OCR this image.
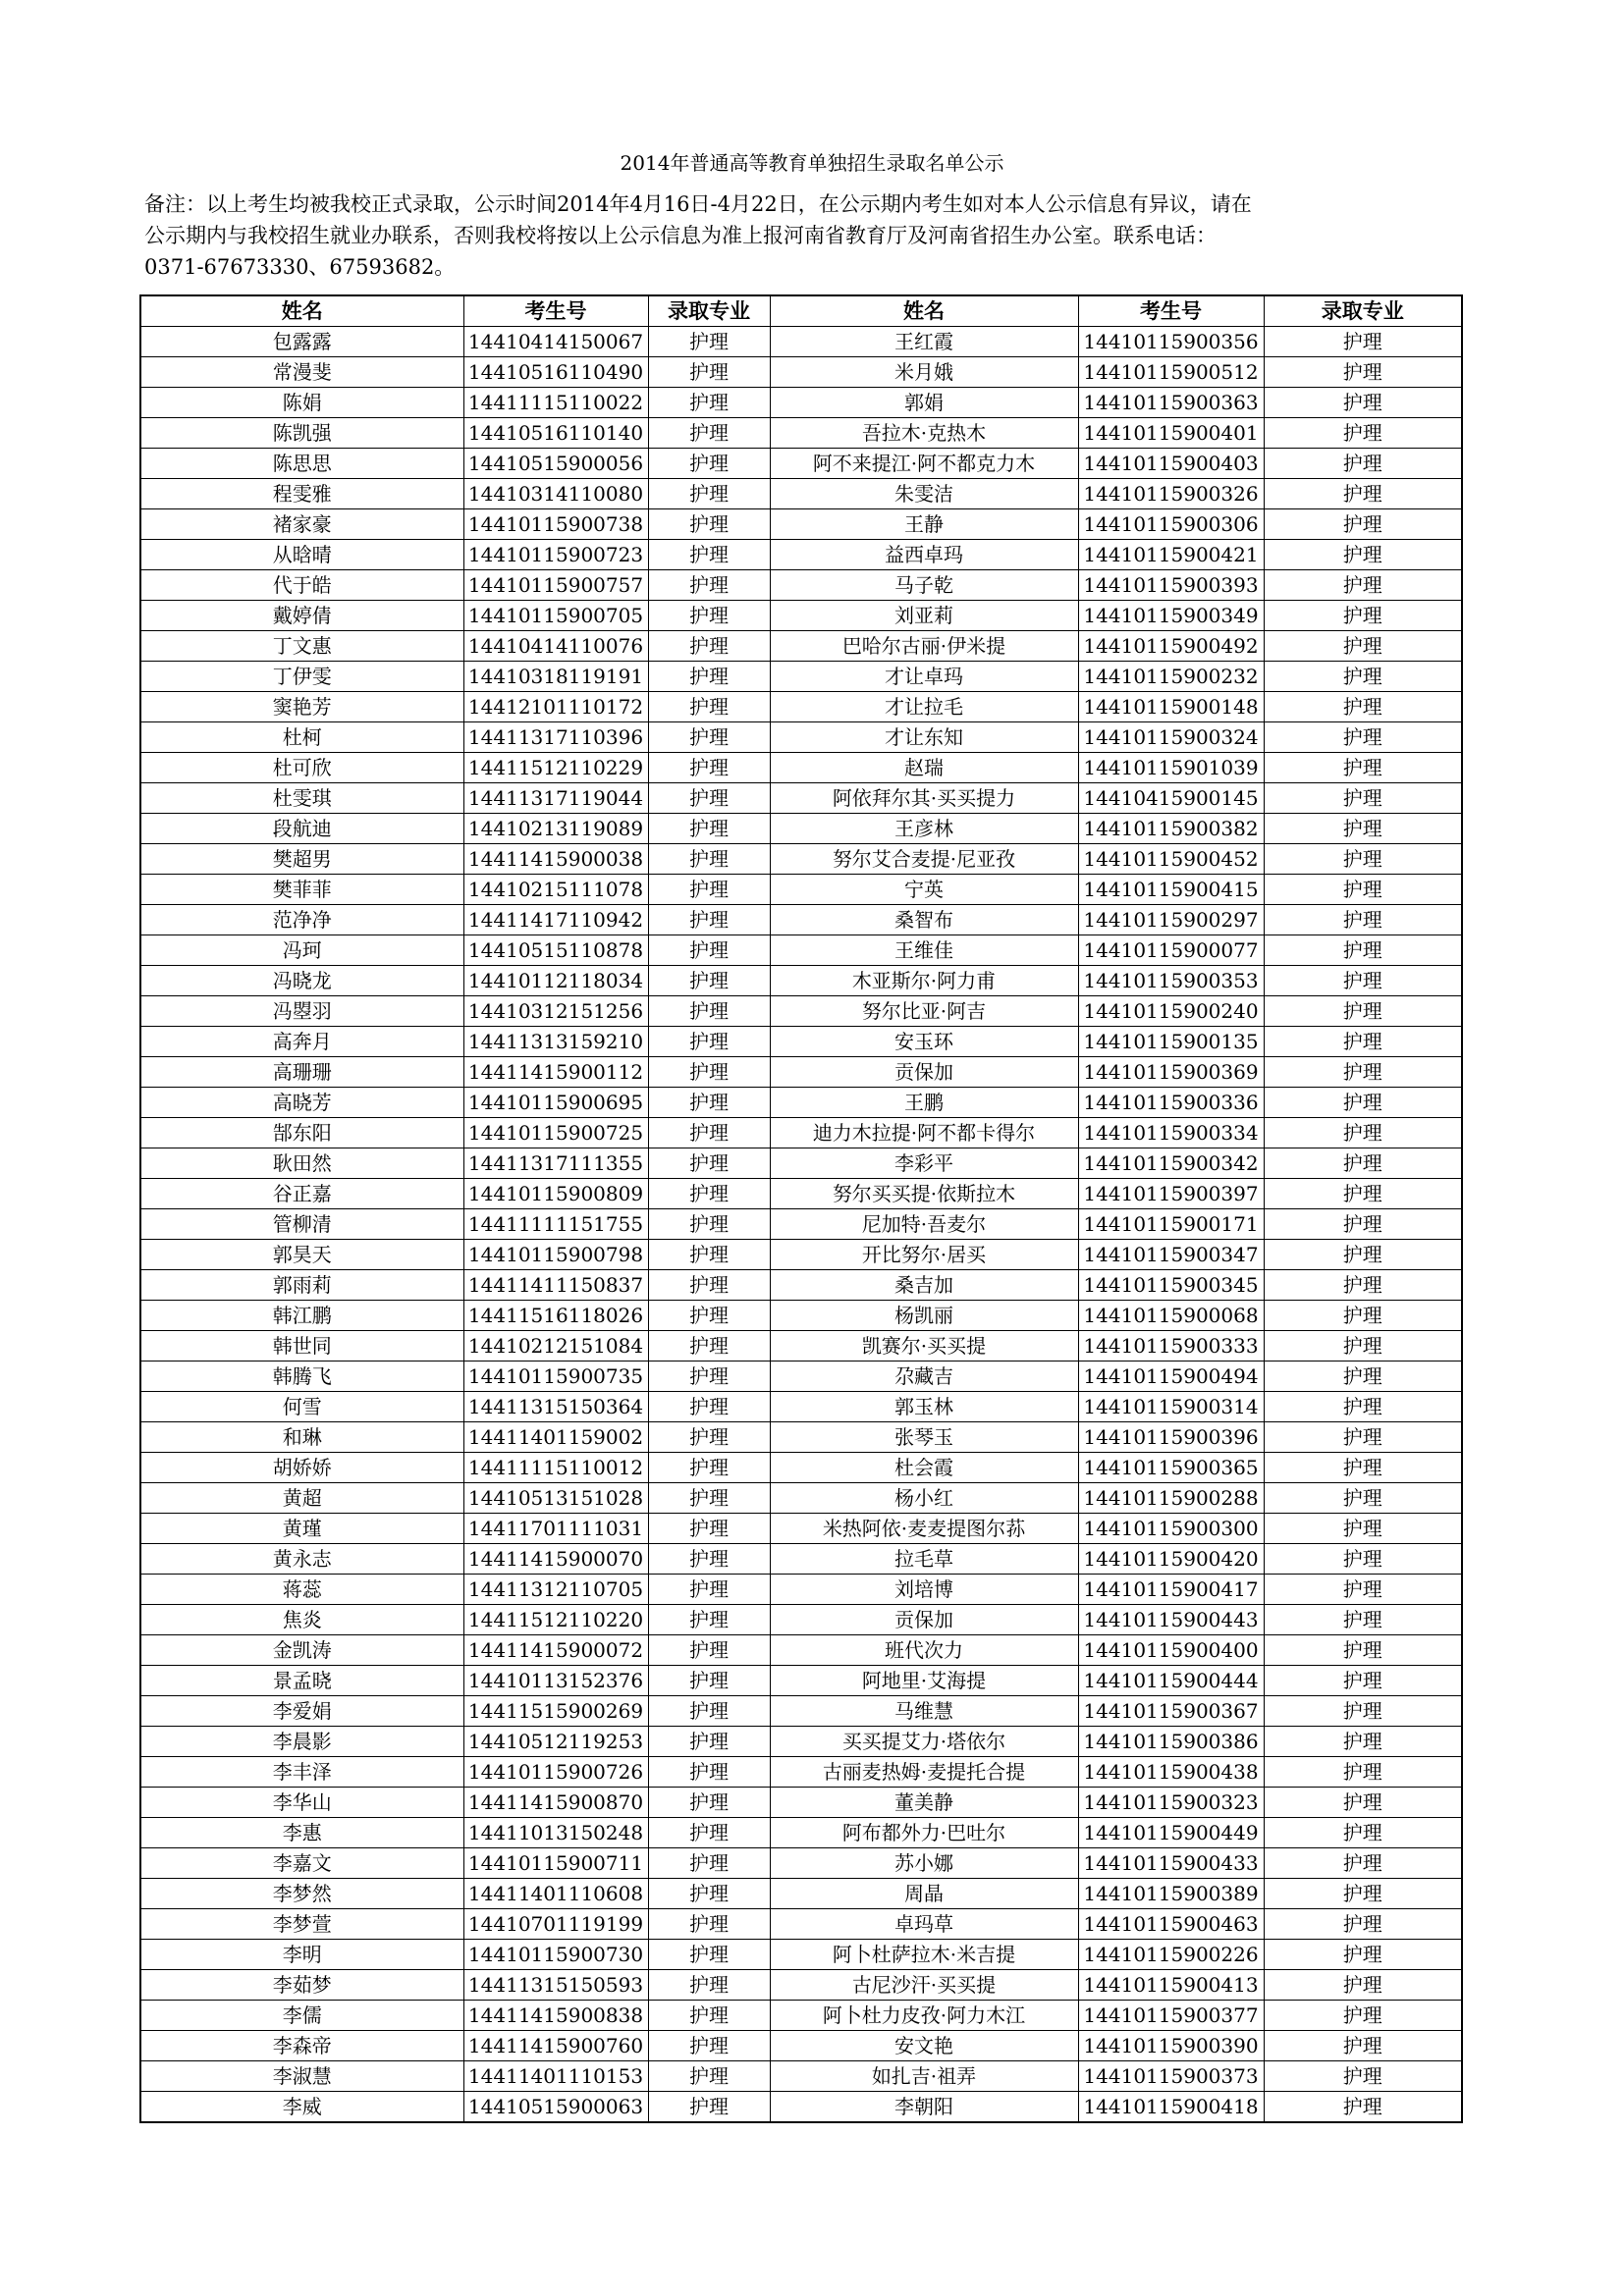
2014年普通高等教育单独招生录取名单公示
备注：以上考生均被我校正式录取，公示时间2014年4月16日-4月22日，在公示期内考生如对本人公示信息有异议，请在
公示期内与我校招生就业办联系，否则我校将按以上公示信息为准上报河南省教育厅及河南省招生办公室。联系电话：
0371-67673330、67593682。
姓名	考生号	录取专业	姓名	考生号	录取专业
包露露	14410414150067	护理	王红霞	14410115900356	护理
常漫斐	14410516110490	护理	米月娥	14410115900512	护理
陈娟	14411115110022	护理	郭娟	14410115900363	护理
陈凯强	14410516110140	护理	吾拉木·克热木	14410115900401	护理
陈思思	14410515900056	护理	阿不来提江·阿不都克力木	14410115900403	护理
程雯雅	14410314110080	护理	朱雯洁	14410115900326	护理
褚家豪	14410115900738	护理	王静	14410115900306	护理
从晗晴	14410115900723	护理	益西卓玛	14410115900421	护理
代于皓	14410115900757	护理	马子乾	14410115900393	护理
戴婷倩	14410115900705	护理	刘亚莉	14410115900349	护理
丁文惠	14410414110076	护理	巴哈尔古丽·伊米提	14410115900492	护理
丁伊雯	14410318119191	护理	才让卓玛	14410115900232	护理
窦艳芳	14412101110172	护理	才让拉毛	14410115900148	护理
杜柯	14411317110396	护理	才让东知	14410115900324	护理
杜可欣	14411512110229	护理	赵瑞	14410115901039	护理
杜雯琪	14411317119044	护理	阿依拜尔其·买买提力	14410415900145	护理
段航迪	14410213119089	护理	王彦林	14410115900382	护理
樊超男	14411415900038	护理	努尔艾合麦提·尼亚孜	14410115900452	护理
樊菲菲	14410215111078	护理	宁英	14410115900415	护理
范净净	14411417110942	护理	桑智布	14410115900297	护理
冯珂	14410515110878	护理	王维佳	14410115900077	护理
冯晓龙	14410112118034	护理	木亚斯尔·阿力甫	14410115900353	护理
冯曌羽	14410312151256	护理	努尔比亚·阿吉	14410115900240	护理
高奔月	14411313159210	护理	安玉环	14410115900135	护理
高珊珊	14411415900112	护理	贡保加	14410115900369	护理
高晓芳	14410115900695	护理	王鹏	14410115900336	护理
郜东阳	14410115900725	护理	迪力木拉提·阿不都卡得尔	14410115900334	护理
耿田然	14411317111355	护理	李彩平	14410115900342	护理
谷正嘉	14410115900809	护理	努尔买买提·依斯拉木	14410115900397	护理
管柳清	14411111151755	护理	尼加特·吾麦尔	14410115900171	护理
郭昊天	14410115900798	护理	开比努尔·居买	14410115900347	护理
郭雨莉	14411411150837	护理	桑吉加	14410115900345	护理
韩江鹏	14411516118026	护理	杨凯丽	14410115900068	护理
韩世同	14410212151084	护理	凯赛尔·买买提	14410115900333	护理
韩腾飞	14410115900735	护理	尕藏吉	14410115900494	护理
何雪	14411315150364	护理	郭玉林	14410115900314	护理
和琳	14411401159002	护理	张琴玉	14410115900396	护理
胡娇娇	14411115110012	护理	杜会霞	14410115900365	护理
黄超	14410513151028	护理	杨小红	14410115900288	护理
黄瑾	14411701111031	护理	米热阿依·麦麦提图尔荪	14410115900300	护理
黄永志	14411415900070	护理	拉毛草	14410115900420	护理
蒋蕊	14411312110705	护理	刘培博	14410115900417	护理
焦炎	14411512110220	护理	贡保加	14410115900443	护理
金凯涛	14411415900072	护理	班代次力	14410115900400	护理
景孟晓	14410113152376	护理	阿地里·艾海提	14410115900444	护理
李爱娟	14411515900269	护理	马维慧	14410115900367	护理
李晨影	14410512119253	护理	买买提艾力·塔依尔	14410115900386	护理
李丰泽	14410115900726	护理	古丽麦热姆·麦提托合提	14410115900438	护理
李华山	14411415900870	护理	董美静	14410115900323	护理
李惠	14411013150248	护理	阿布都外力·巴吐尔	14410115900449	护理
李嘉文	14410115900711	护理	苏小娜	14410115900433	护理
李梦然	14411401110608	护理	周晶	14410115900389	护理
李梦萱	14410701119199	护理	卓玛草	14410115900463	护理
李明	14410115900730	护理	阿卜杜萨拉木·米吉提	14410115900226	护理
李茹梦	14411315150593	护理	古尼沙汗·买买提	14410115900413	护理
李儒	14411415900838	护理	阿卜杜力皮孜·阿力木江	14410115900377	护理
李森帝	14411415900760	护理	安文艳	14410115900390	护理
李淑慧	14411401110153	护理	如扎吉·祖弄	14410115900373	护理
李威	14410515900063	护理	李朝阳	14410115900418	护理
